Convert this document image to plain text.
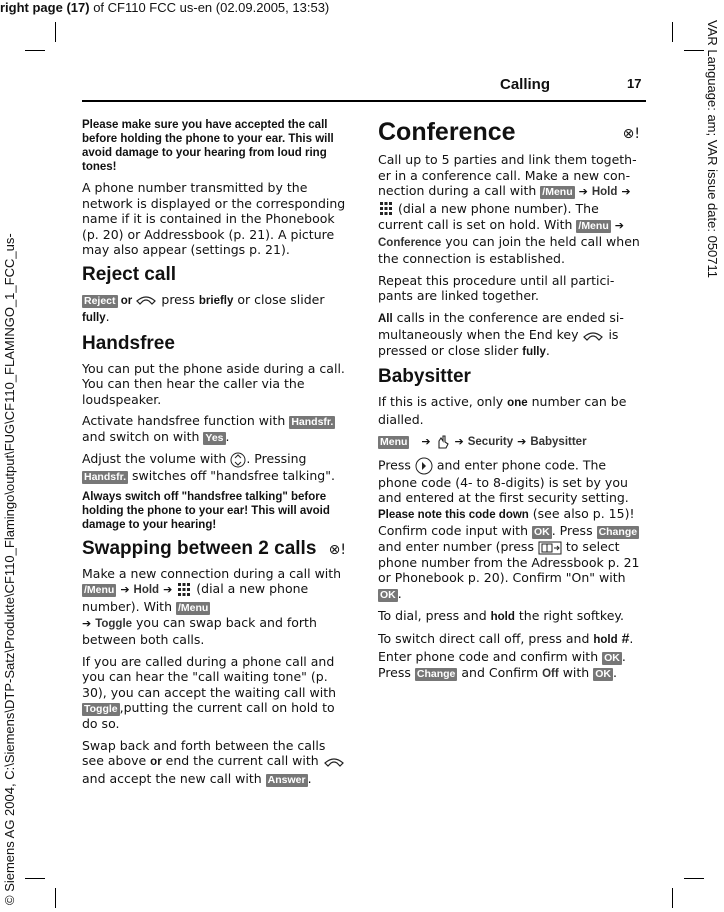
right page (17) of CF110 FCC us-en (02.09.2005, 13:53)
VAR Language: am; VAR issue date: 050711
© Siemens AG 2004, C:\Siemens\DTP-Satz\Produkte\CF110_Flamingo\output\FUG\CF110_FLAMINGO_1_FCC_us-
Calling	17

Please make sure you have accepted the call before holding the phone to your ear. This will avoid damage to your hearing from loud ring tones!

A phone number transmitted by the network is displayed or the corresponding name if it is contained in the Phonebook (p. 20) or Addressbook (p. 21). A picture may also appear (settings p. 21).

Reject call

Reject or  press briefly or close slider fully.

Handsfree

You can put the phone aside during a call. You can then hear the caller via the loudspeaker.

Activate handsfree function with Handsfr. and switch on with Yes .

Adjust the volume with . Pressing Handsfr. switches off "handsfree talking".

Always switch off "handsfree talking" before holding the phone to your ear! This will avoid damage to your hearing!

Swapping between 2 calls ⊗!

Make a new connection during a call with /Menu ➔ Hold ➔  (dial a new phone number). With /Menu
➔ Toggle you can swap back and forth between both calls.

If you are called during a phone call and you can hear the "call waiting tone" (p. 30), you can accept the waiting call with Toggle ,putting the current call on hold to do so.

Swap back and forth between the calls see above or end the current call with  and accept the new call with Answer .

Conference	⊗!

Call up to 5 parties and link them togeth-er in a conference call. Make a new con-nection during a call with /Menu ➔ Hold ➔  (dial a new phone number). The current call is set on hold. With /Menu ➔ Conference you can join the held call when the connection is established.

Repeat this procedure until all partici-pants are linked together.

All calls in the conference are ended si-multaneously when the End key  is pressed or close slider fully.

Babysitter

If this is active, only one number can be dialled.

Menu ➔ ➔ Security ➔ Babysitter

Press  and enter phone code. The phone code (4- to 8-digits) is set by you and entered at the first security setting. Please note this code down (see also p. 15)! Confirm code input with OK . Press Change and enter number (press  to select phone number from the Adressbook p. 21 or Phonebook p. 20). Confirm "On" with OK .

To dial, press and hold the right softkey.

To switch direct call off, press and hold #. Enter phone code and confirm with OK . Press Change and Confirm Off with OK .
